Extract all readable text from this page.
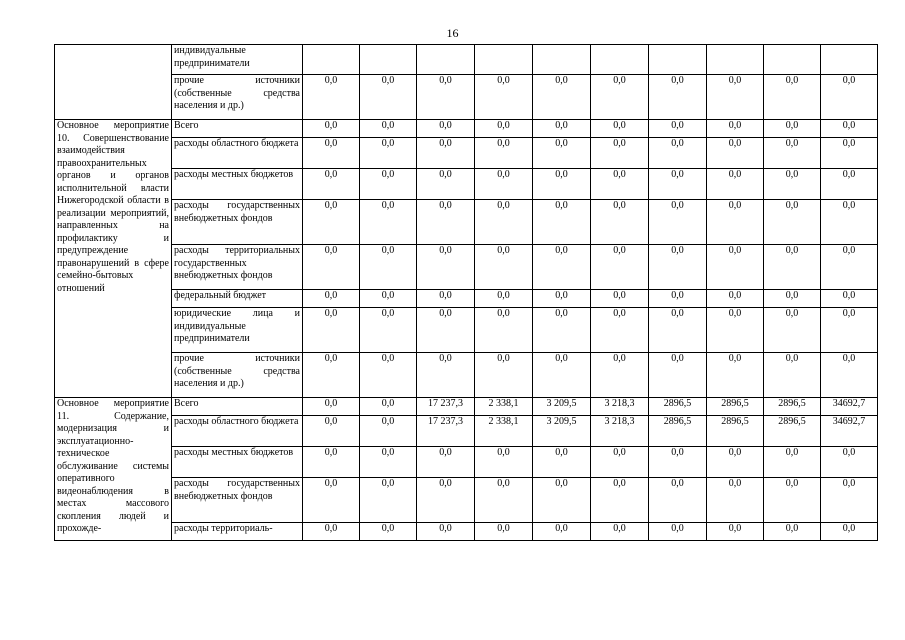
16
	индивидуальные предприниматели										
	прочие источники (собственные средства населения и др.)	0,0	0,0	0,0	0,0	0,0	0,0	0,0	0,0	0,0	0,0
Основное мероприятие 10. Совершенствование взаимодействия правоохранительных органов и органов исполнительной власти Нижегородской области в реализации мероприятий, направленных на профилактику и предупреждение правонарушений в сфере семейно-бытовых отношений	Всего	0,0	0,0	0,0	0,0	0,0	0,0	0,0	0,0	0,0	0,0
	расходы областного бюджета	0,0	0,0	0,0	0,0	0,0	0,0	0,0	0,0	0,0	0,0
	расходы местных бюджетов	0,0	0,0	0,0	0,0	0,0	0,0	0,0	0,0	0,0	0,0
	расходы государственных внебюджетных фондов	0,0	0,0	0,0	0,0	0,0	0,0	0,0	0,0	0,0	0,0
	расходы территориальных государственных внебюджетных фондов	0,0	0,0	0,0	0,0	0,0	0,0	0,0	0,0	0,0	0,0
	федеральный бюджет	0,0	0,0	0,0	0,0	0,0	0,0	0,0	0,0	0,0	0,0
	юридические лица и индивидуальные предприниматели	0,0	0,0	0,0	0,0	0,0	0,0	0,0	0,0	0,0	0,0
	прочие источники (собственные средства населения и др.)	0,0	0,0	0,0	0,0	0,0	0,0	0,0	0,0	0,0	0,0
Основное мероприятие 11. Содержание, модернизация и эксплуатационно-техническое обслуживание системы оперативного видеонаблюдения в местах массового скопления людей и прохожде-	Всего	0,0	0,0	17 237,3	2 338,1	3 209,5	3 218,3	2896,5	2896,5	2896,5	34692,7
	расходы областного бюджета	0,0	0,0	17 237,3	2 338,1	3 209,5	3 218,3	2896,5	2896,5	2896,5	34692,7
	расходы местных бюджетов	0,0	0,0	0,0	0,0	0,0	0,0	0,0	0,0	0,0	0,0
	расходы государственных внебюджетных фондов	0,0	0,0	0,0	0,0	0,0	0,0	0,0	0,0	0,0	0,0
	расходы территориаль-	0,0	0,0	0,0	0,0	0,0	0,0	0,0	0,0	0,0	0,0
